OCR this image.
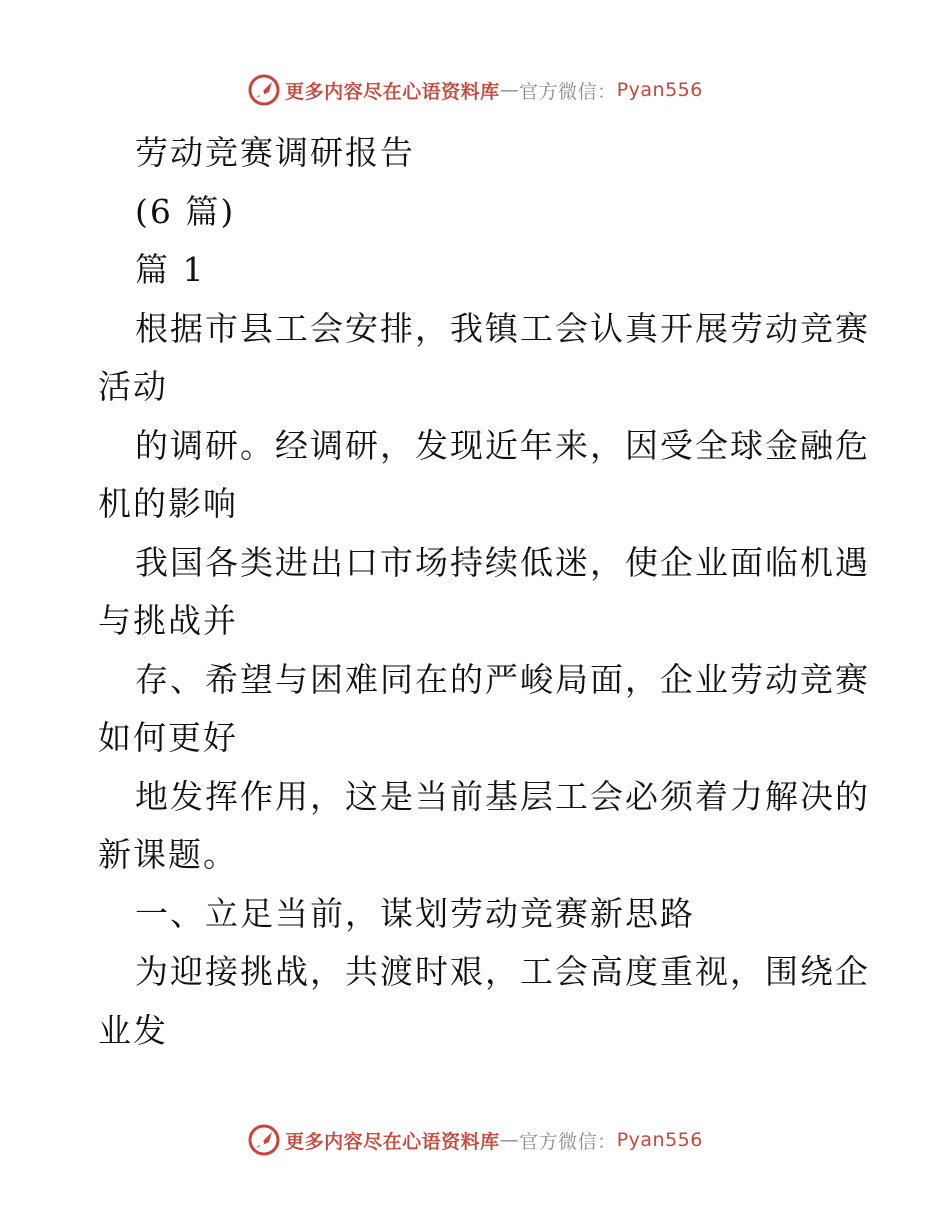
更多内容尽在心语资料库 — 官方微信： Pyan556
劳动竞赛调研报告
(6 篇)
篇 1
根据市县工会安排，我镇工会认真开展劳动竞赛
活动
的调研。经调研，发现近年来，因受全球金融危
机的影响
我国各类进出口市场持续低迷，使企业面临机遇
与挑战并
存、希望与困难同在的严峻局面，企业劳动竞赛
如何更好
地发挥作用，这是当前基层工会必须着力解决的
新课题。
一、立足当前，谋划劳动竞赛新思路
为迎接挑战，共渡时艰，工会高度重视，围绕企
业发
更多内容尽在心语资料库 — 官方微信： Pyan556
